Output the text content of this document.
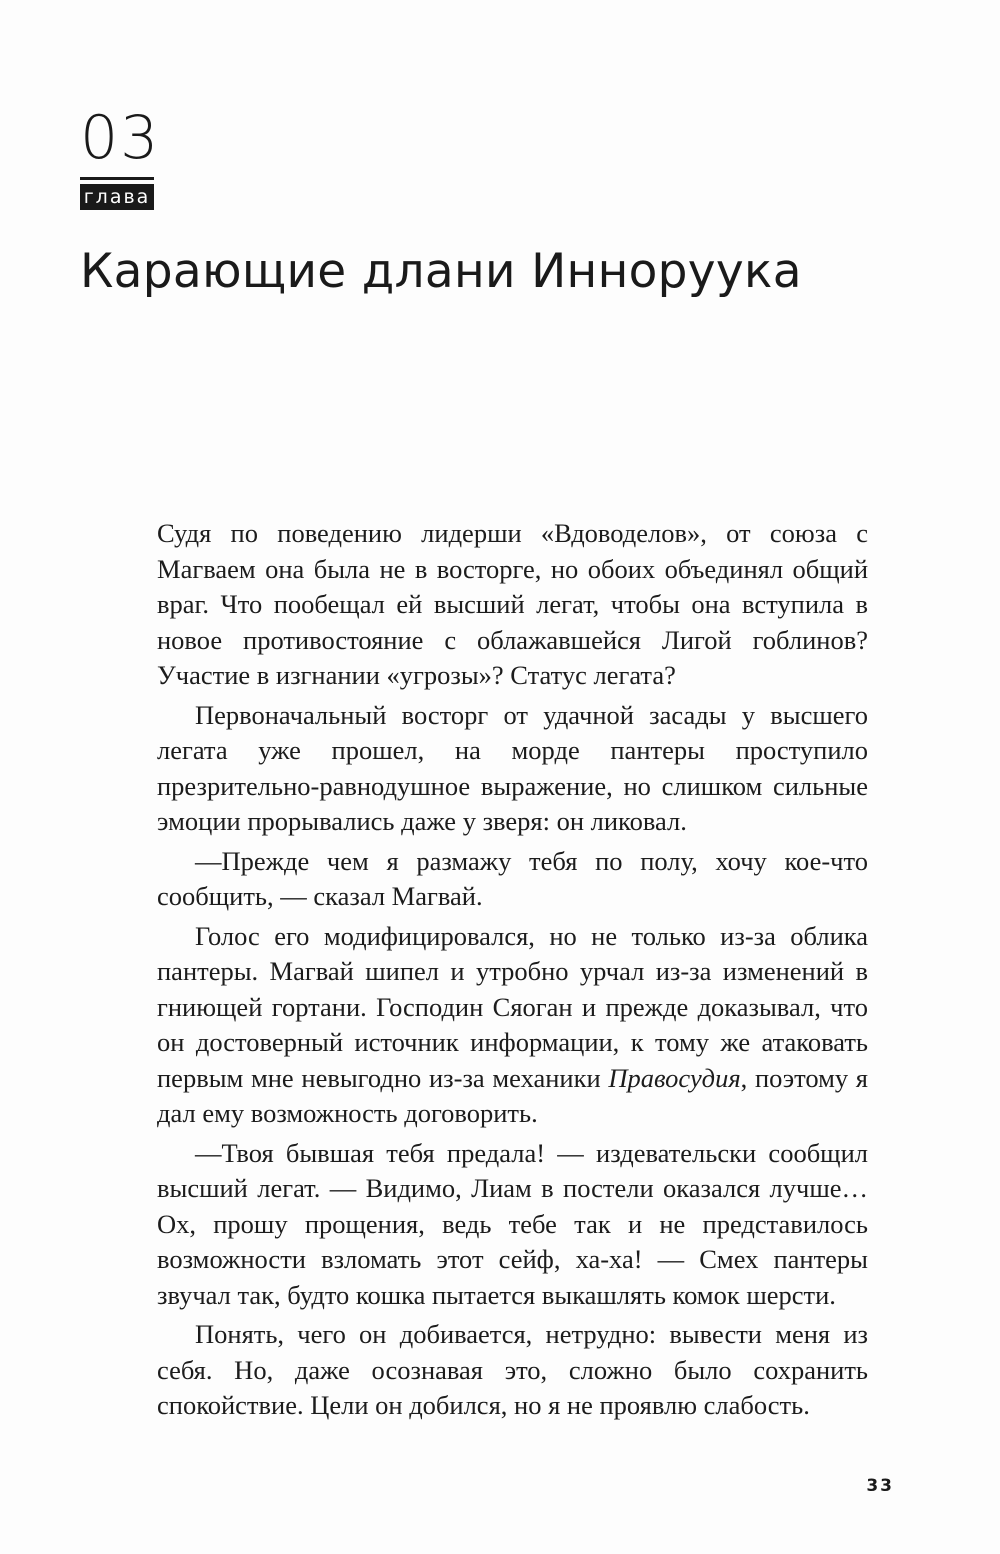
03
глава
Карающие длани Инноруука

Судя по поведению лидерши «Вдоводелов», от союза с Магваем она была не в восторге, но обоих объединял общий враг. Что пообещал ей высший легат, чтобы она вступила в новое противостояние с облажавшейся Лигой гоблинов? Участие в изгнании «угрозы»? Статус легата?

Первоначальный восторг от удачной засады у высшего легата уже прошел, на морде пантеры проступило презрительно-равнодушное выражение, но слишком сильные эмоции прорывались даже у зверя: он ликовал.

—Прежде чем я размажу тебя по полу, хочу кое-что сообщить, — сказал Магвай.

Голос его модифицировался, но не только из-за облика пантеры. Магвай шипел и утробно урчал из-за изменений в гниющей гортани. Господин Сяоган и прежде доказывал, что он достоверный источник информации, к тому же атаковать первым мне невыгодно из-за механики Правосудия, поэтому я дал ему возможность договорить.

—Твоя бывшая тебя предала! — издевательски сообщил высший легат. — Видимо, Лиам в постели оказался лучше… Ох, прошу прощения, ведь тебе так и не представилось возможности взломать этот сейф, ха-ха! — Смех пантеры звучал так, будто кошка пытается выкашлять комок шерсти.

Понять, чего он добивается, нетрудно: вывести меня из себя. Но, даже осознавая это, сложно было сохранить спокойствие. Цели он добился, но я не проявлю слабость.

33
